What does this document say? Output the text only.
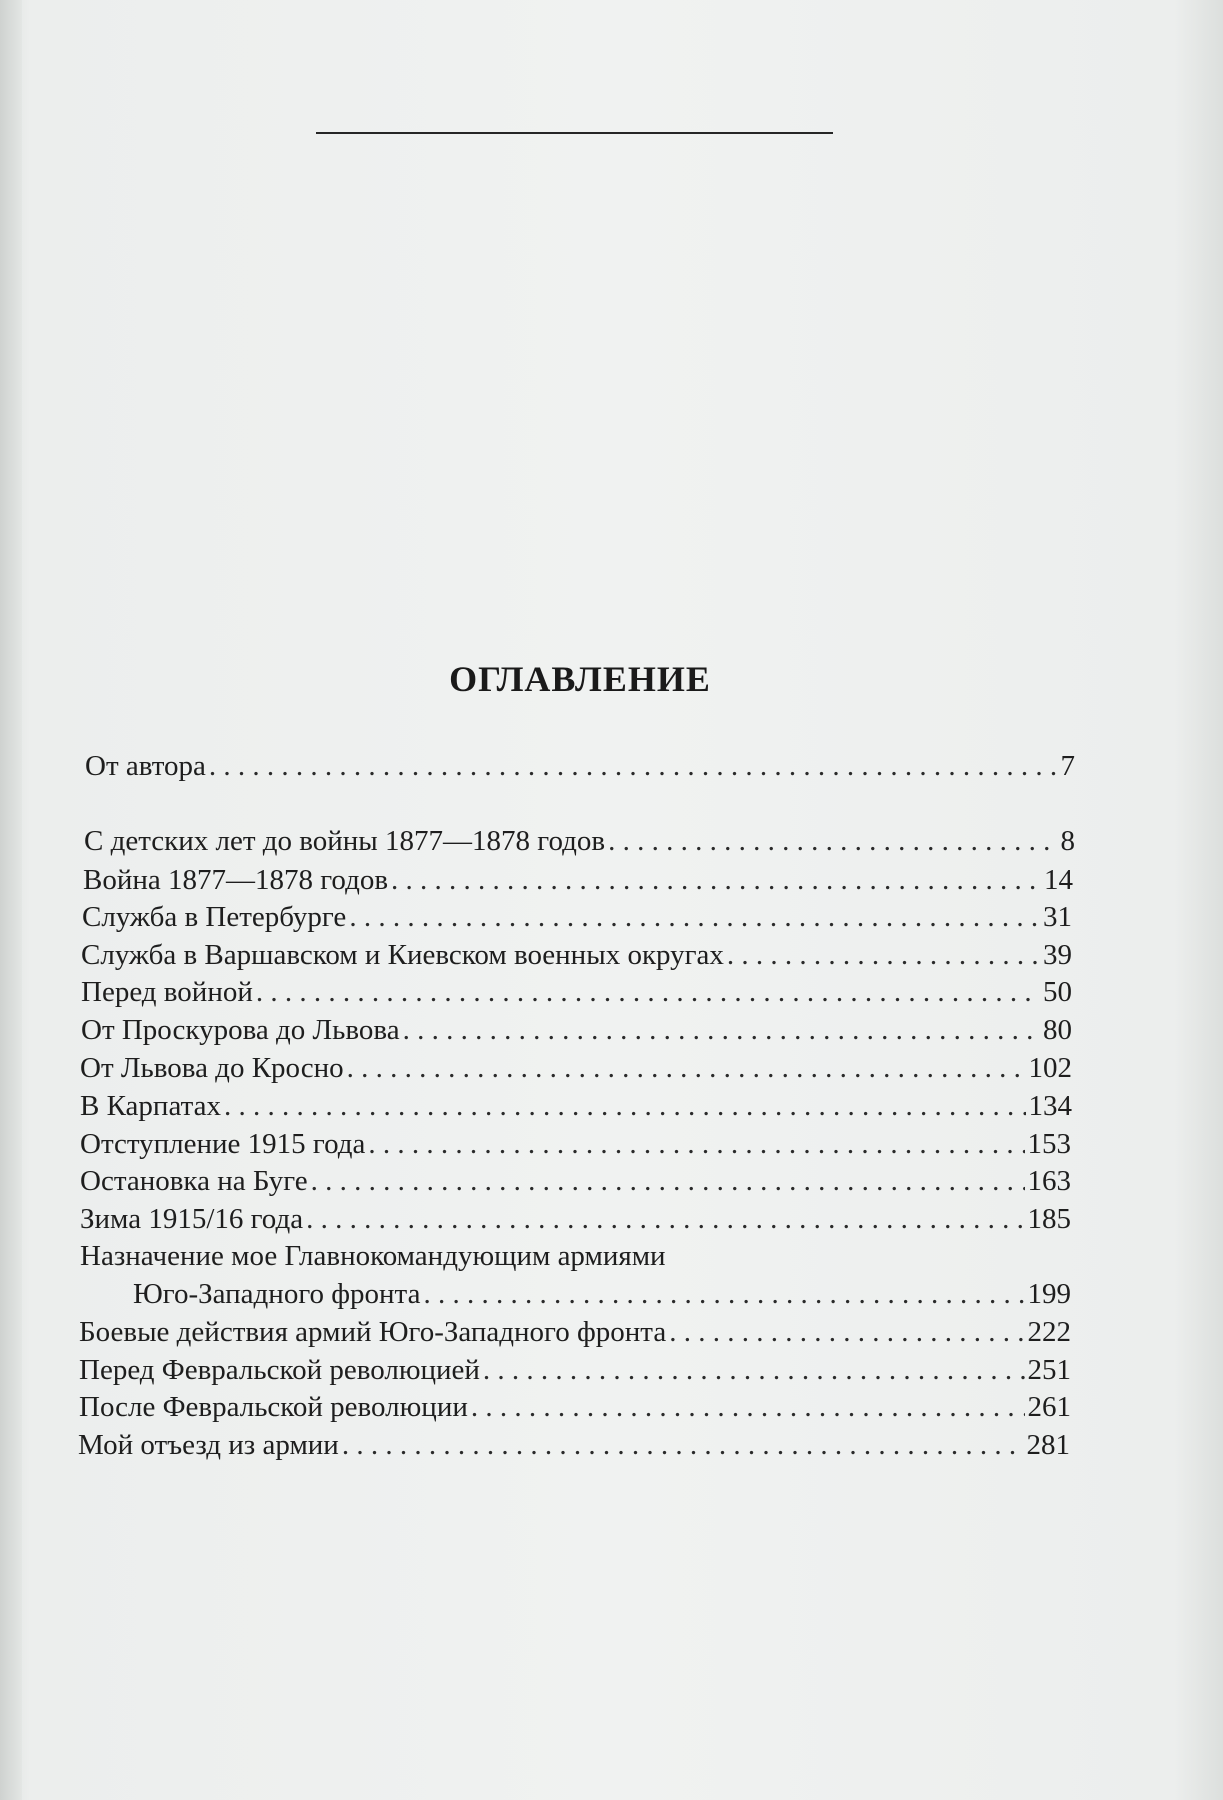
ОГЛАВЛЕНИЕ
От автора . . .	7
С детских лет до войны 1877—1878 годов . . .	8
Война 1877—1878 годов . . .	14
Служба в Петербурге . . .	31
Служба в Варшавском и Киевском военных округах . . .	39
Перед войной . . .	50
От Проскурова до Львова . . .	80
От Львова до Кросно . . .	102
В Карпатах . . .	134
Отступление 1915 года . . .	153
Остановка на Буге . . .	163
Зима 1915/16 года . . .	185
Назначение мое Главнокомандующим армиями
Юго-Западного фронта . . .	199
Боевые действия армий Юго-Западного фронта . . .	222
Перед Февральской революцией . . .	251
После Февральской революции . . .	261
Мой отъезд из армии . . .	281
